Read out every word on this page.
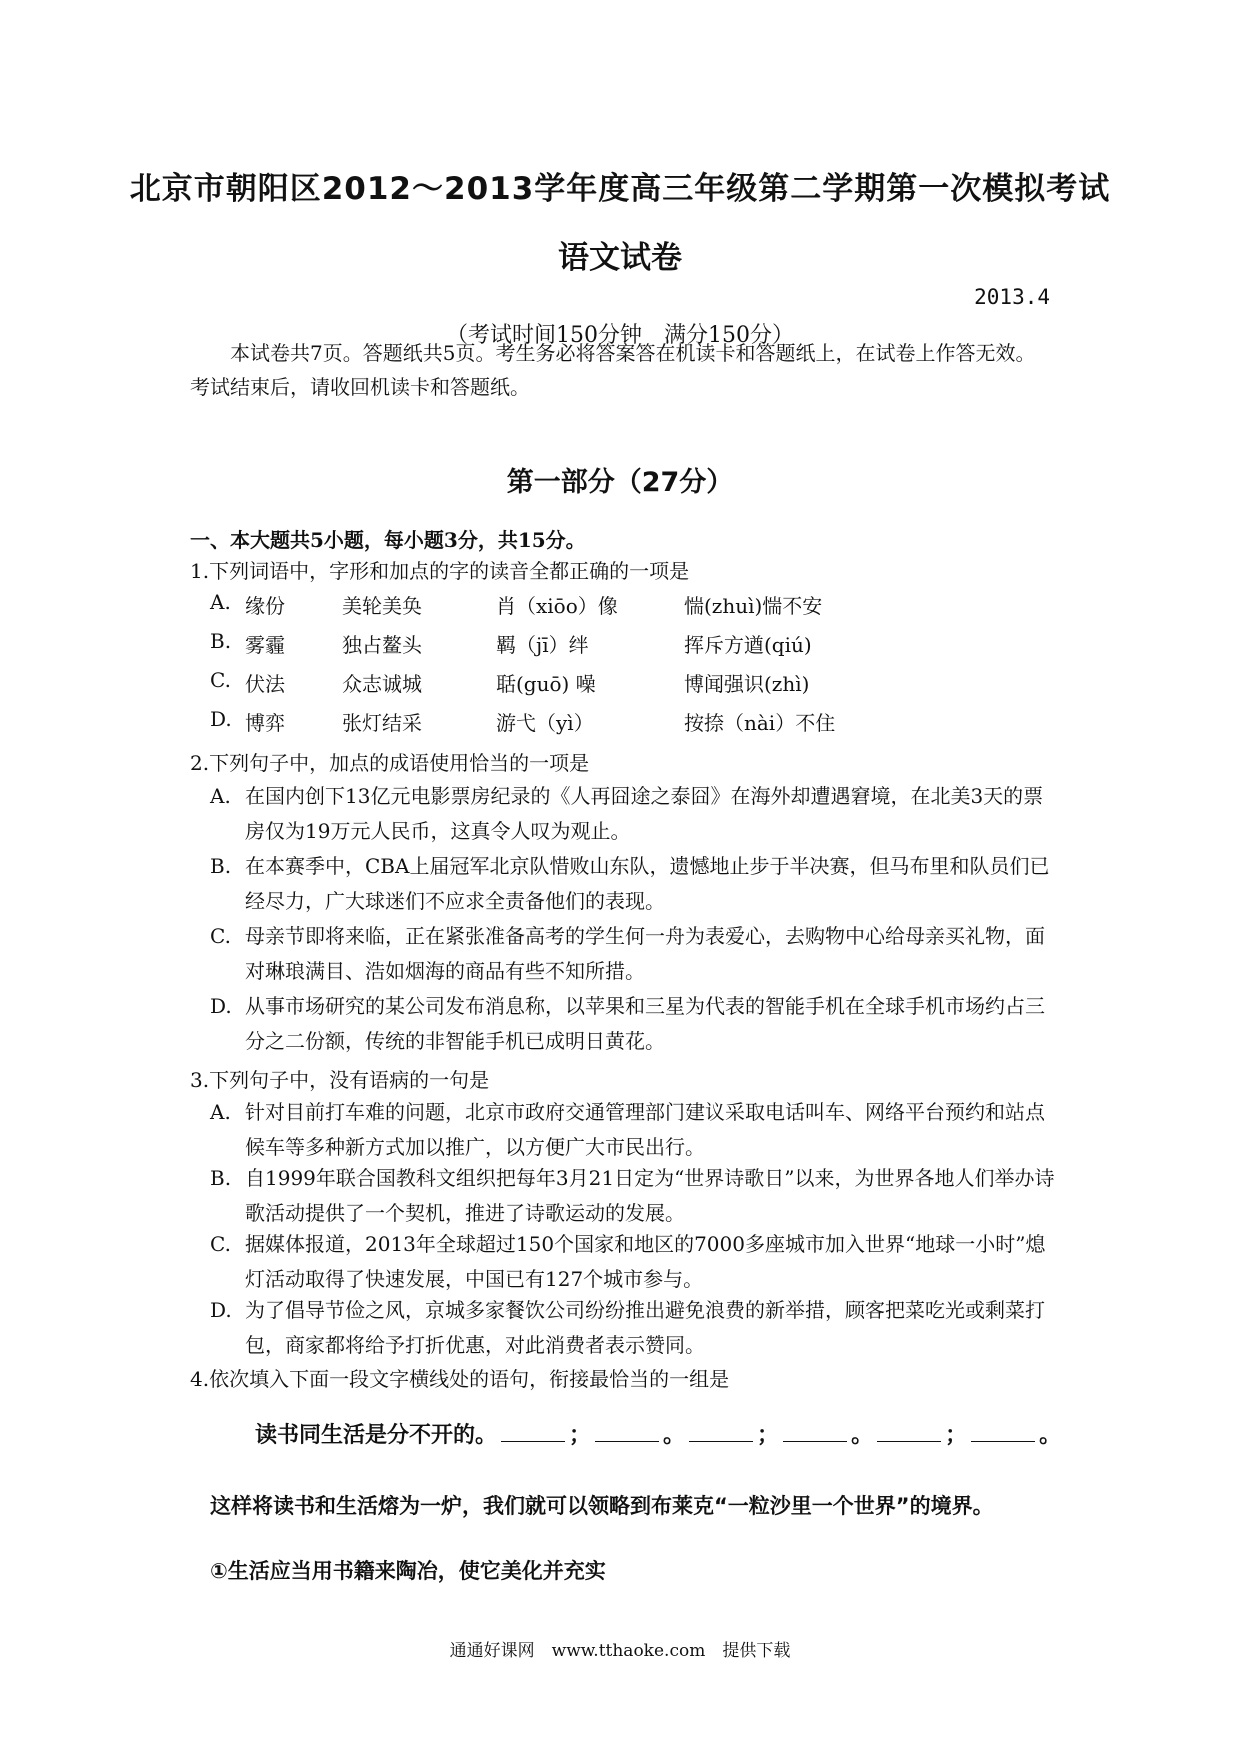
北京市朝阳区2012～2013学年度高三年级第二学期第一次模拟考试
语文试卷
2013.4
（考试时间150分钟　满分150分）
本试卷共7页。答题纸共5页。考生务必将答案答在机读卡和答题纸上，在试卷上作答无效。考试结束后，请收回机读卡和答题纸。
第一部分（27分）
一、本大题共5小题，每小题3分，共15分。
1.下列词语中，字形和加点的字的读音全都正确的一项是
A. 缘份	美轮美奂	肖（xiōo）像	惴(zhuì)惴不安
B. 雾霾	独占鳌头	羁（jī）绊	挥斥方遒(qiú)
C. 伏法	众志诚城	聒(guō) 噪	博闻强识(zhì)
D. 博弈	张灯结采	游弋（yì）	按捺（nài）不住
2.下列句子中，加点的成语使用恰当的一项是
A. 在国内创下13亿元电影票房纪录的《人再囧途之泰囧》在海外却遭遇窘境，在北美3天的票房仅为19万元人民币，这真令人叹为观止。
B. 在本赛季中，CBA上届冠军北京队惜败山东队，遗憾地止步于半决赛，但马布里和队员们已经尽力，广大球迷们不应求全责备他们的表现。
C. 母亲节即将来临，正在紧张准备高考的学生何一舟为表爱心，去购物中心给母亲买礼物，面对琳琅满目、浩如烟海的商品有些不知所措。
D. 从事市场研究的某公司发布消息称，以苹果和三星为代表的智能手机在全球手机市场约占三分之二份额，传统的非智能手机已成明日黄花。
3.下列句子中，没有语病的一句是
A. 针对目前打车难的问题，北京市政府交通管理部门建议采取电话叫车、网络平台预约和站点候车等多种新方式加以推广，以方便广大市民出行。
B. 自1999年联合国教科文组织把每年3月21日定为“世界诗歌日”以来，为世界各地人们举办诗歌活动提供了一个契机，推进了诗歌运动的发展。
C. 据媒体报道，2013年全球超过150个国家和地区的7000多座城市加入世界“地球一小时”熄灯活动取得了快速发展，中国已有127个城市参与。
D. 为了倡导节俭之风，京城多家餐饮公司纷纷推出避免浪费的新举措，顾客把菜吃光或剩菜打包，商家都将给予打折优惠，对此消费者表示赞同。
4.依次填入下面一段文字横线处的语句，衔接最恰当的一组是
读书同生活是分不开的。	；	。	；	。	；	。
这样将读书和生活熔为一炉，我们就可以领略到布莱克“一粒沙里一个世界”的境界。
①生活应当用书籍来陶冶，使它美化并充实
通通好课网　www.tthaoke.com　提供下载
